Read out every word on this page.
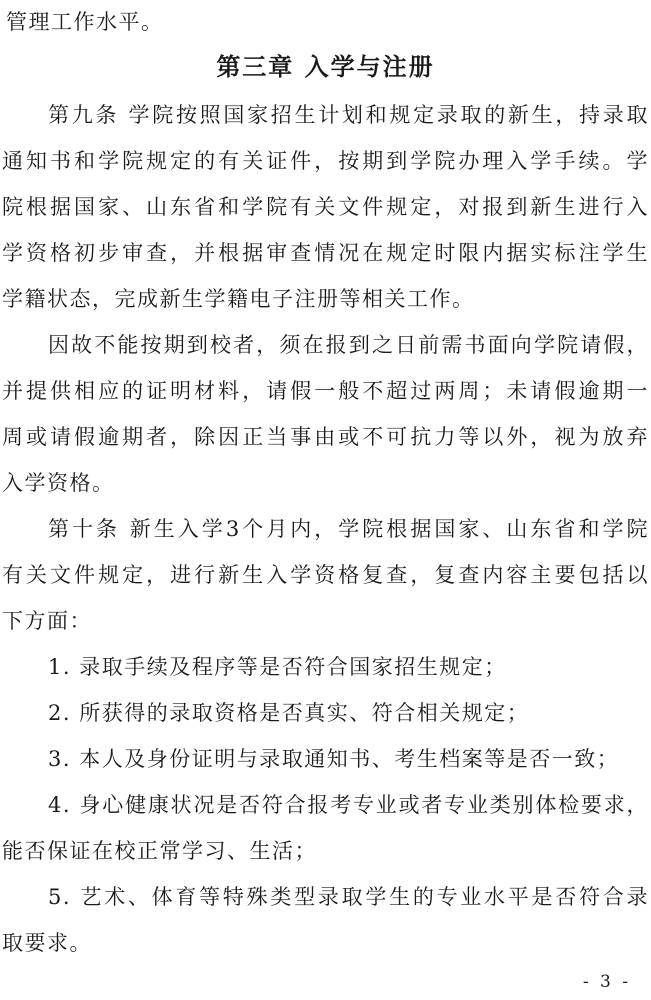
管理工作水平。
第三章 入学与注册
第九条 学院按照国家招生计划和规定录取的新生，持录取
通知书和学院规定的有关证件，按期到学院办理入学手续。学
院根据国家、山东省和学院有关文件规定，对报到新生进行入
学资格初步审查，并根据审查情况在规定时限内据实标注学生
学籍状态，完成新生学籍电子注册等相关工作。
因故不能按期到校者，须在报到之日前需书面向学院请假，
并提供相应的证明材料，请假一般不超过两周；未请假逾期一
周或请假逾期者，除因正当事由或不可抗力等以外，视为放弃
入学资格。
第十条 新生入学3个月内，学院根据国家、山东省和学院
有关文件规定，进行新生入学资格复查，复查内容主要包括以
下方面：
1. 录取手续及程序等是否符合国家招生规定；
2. 所获得的录取资格是否真实、符合相关规定；
3. 本人及身份证明与录取通知书、考生档案等是否一致；
4. 身心健康状况是否符合报考专业或者专业类别体检要求，
能否保证在校正常学习、生活；
5. 艺术、体育等特殊类型录取学生的专业水平是否符合录
取要求。
- 3 -
